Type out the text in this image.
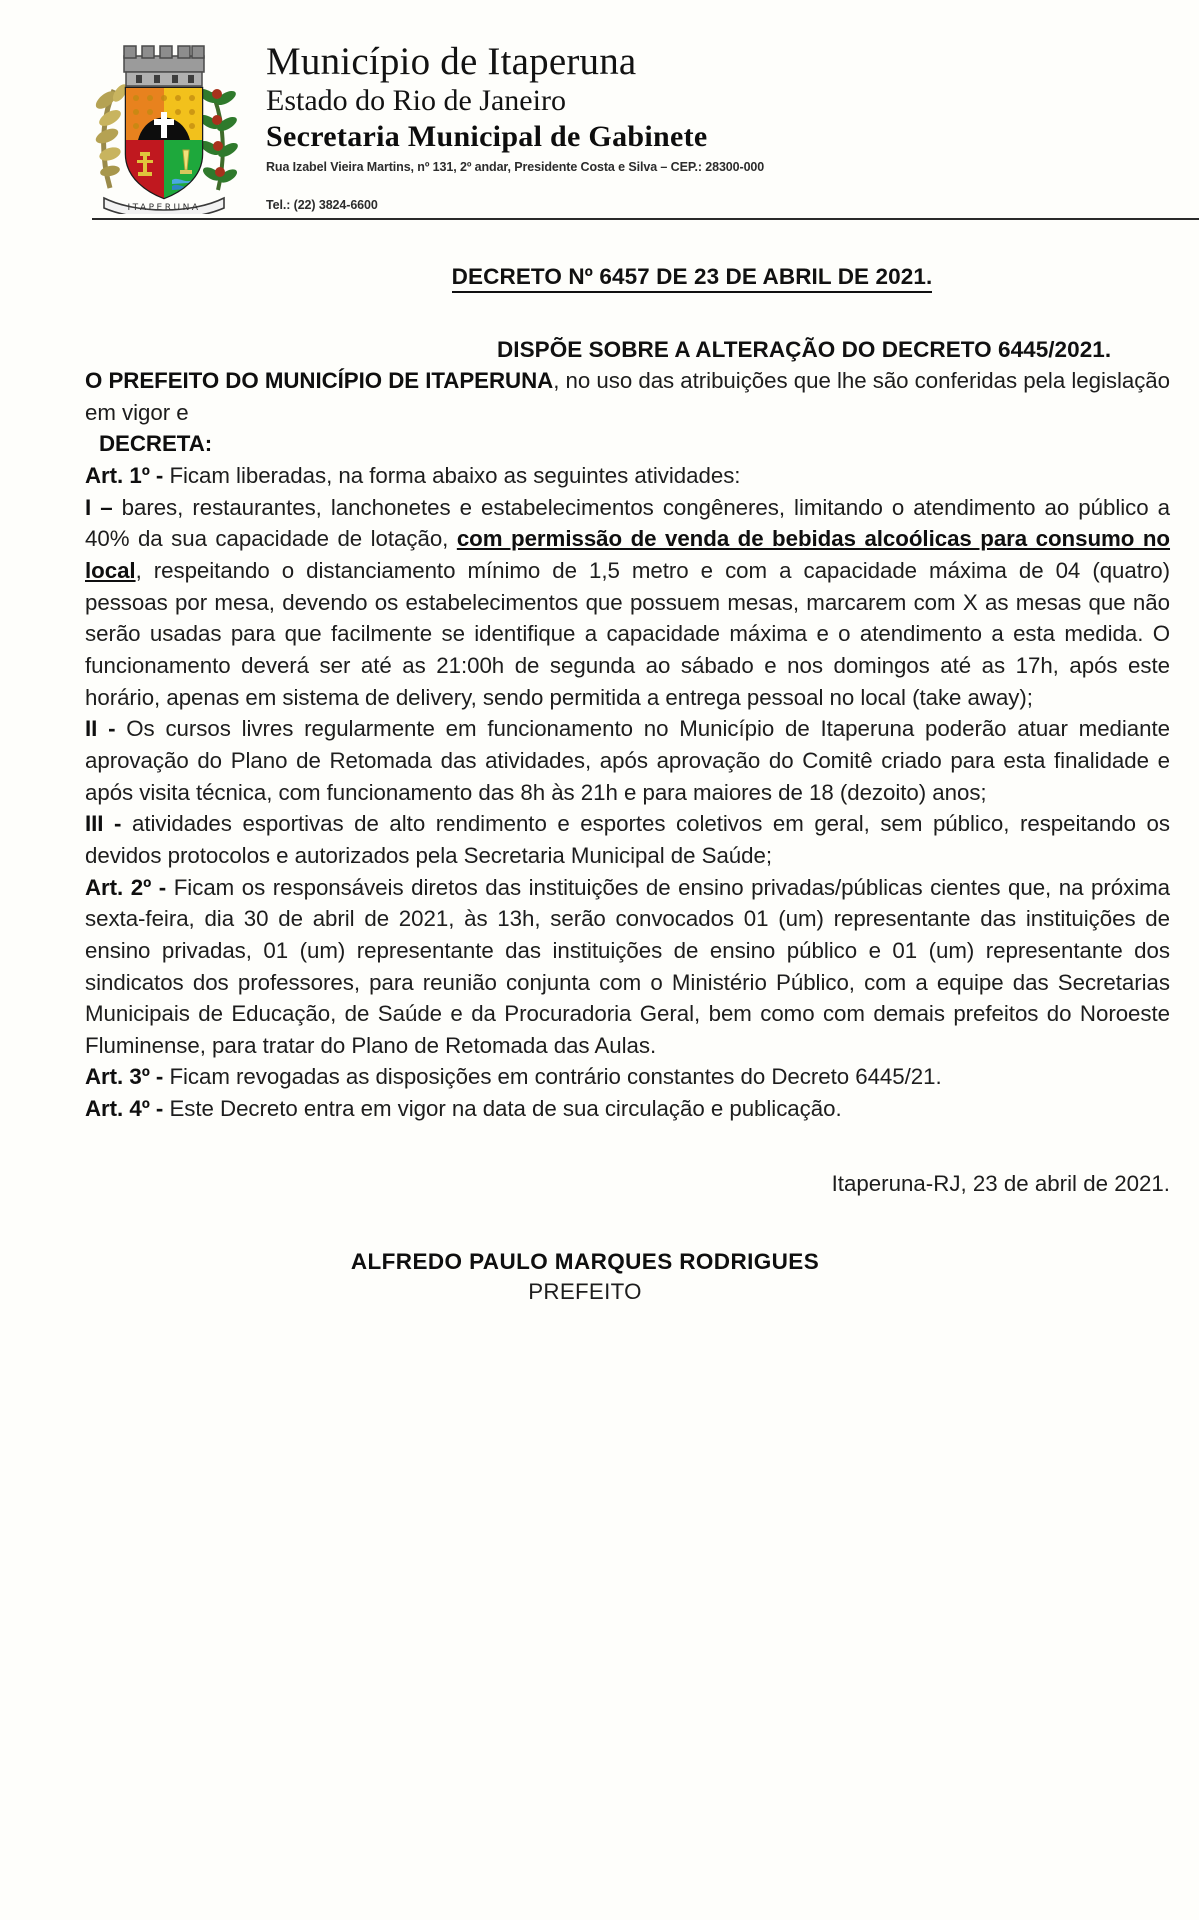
ITAPERUNA
Município de Itaperuna
Estado do Rio de Janeiro
Secretaria Municipal de Gabinete
Rua Izabel Vieira Martins, nº 131, 2º andar, Presidente Costa e Silva – CEP.: 28300-000
Tel.: (22) 3824-6600
DECRETO Nº 6457 DE 23 DE ABRIL DE 2021.
DISPÕE SOBRE A ALTERAÇÃO DO DECRETO 6445/2021.

O PREFEITO DO MUNICÍPIO DE ITAPERUNA, no uso das atribuições que lhe são conferidas pela legislação em vigor e

DECRETA:

Art. 1º - Ficam liberadas, na forma abaixo as seguintes atividades:

I – bares, restaurantes, lanchonetes e estabelecimentos congêneres, limitando o atendimento ao público a 40% da sua capacidade de lotação, com permissão de venda de bebidas alcoólicas para consumo no local, respeitando o distanciamento mínimo de 1,5 metro e com a capacidade máxima de 04 (quatro) pessoas por mesa, devendo os estabelecimentos que possuem mesas, marcarem com X as mesas que não serão usadas para que facilmente se identifique a capacidade máxima e o atendimento a esta medida. O funcionamento deverá ser até as 21:00h de segunda ao sábado e nos domingos até as 17h, após este horário, apenas em sistema de delivery, sendo permitida a entrega pessoal no local (take away);

II - Os cursos livres regularmente em funcionamento no Município de Itaperuna poderão atuar mediante aprovação do Plano de Retomada das atividades, após aprovação do Comitê criado para esta finalidade e após visita técnica, com funcionamento das 8h às 21h e para maiores de 18 (dezoito) anos;

III - atividades esportivas de alto rendimento e esportes coletivos em geral, sem público, respeitando os devidos protocolos e autorizados pela Secretaria Municipal de Saúde;

Art. 2º - Ficam os responsáveis diretos das instituições de ensino privadas/públicas cientes que, na próxima sexta-feira, dia 30 de abril de 2021, às 13h, serão convocados 01 (um) representante das instituições de ensino privadas, 01 (um) representante das instituições de ensino público e 01 (um) representante dos sindicatos dos professores, para reunião conjunta com o Ministério Público, com a equipe das Secretarias Municipais de Educação, de Saúde e da Procuradoria Geral, bem como com demais prefeitos do Noroeste Fluminense, para tratar do Plano de Retomada das Aulas.

Art. 3º - Ficam revogadas as disposições em contrário constantes do Decreto 6445/21.

Art. 4º - Este Decreto entra em vigor na data de sua circulação e publicação.

Itaperuna-RJ, 23 de abril de 2021.
ALFREDO PAULO MARQUES RODRIGUES
PREFEITO
